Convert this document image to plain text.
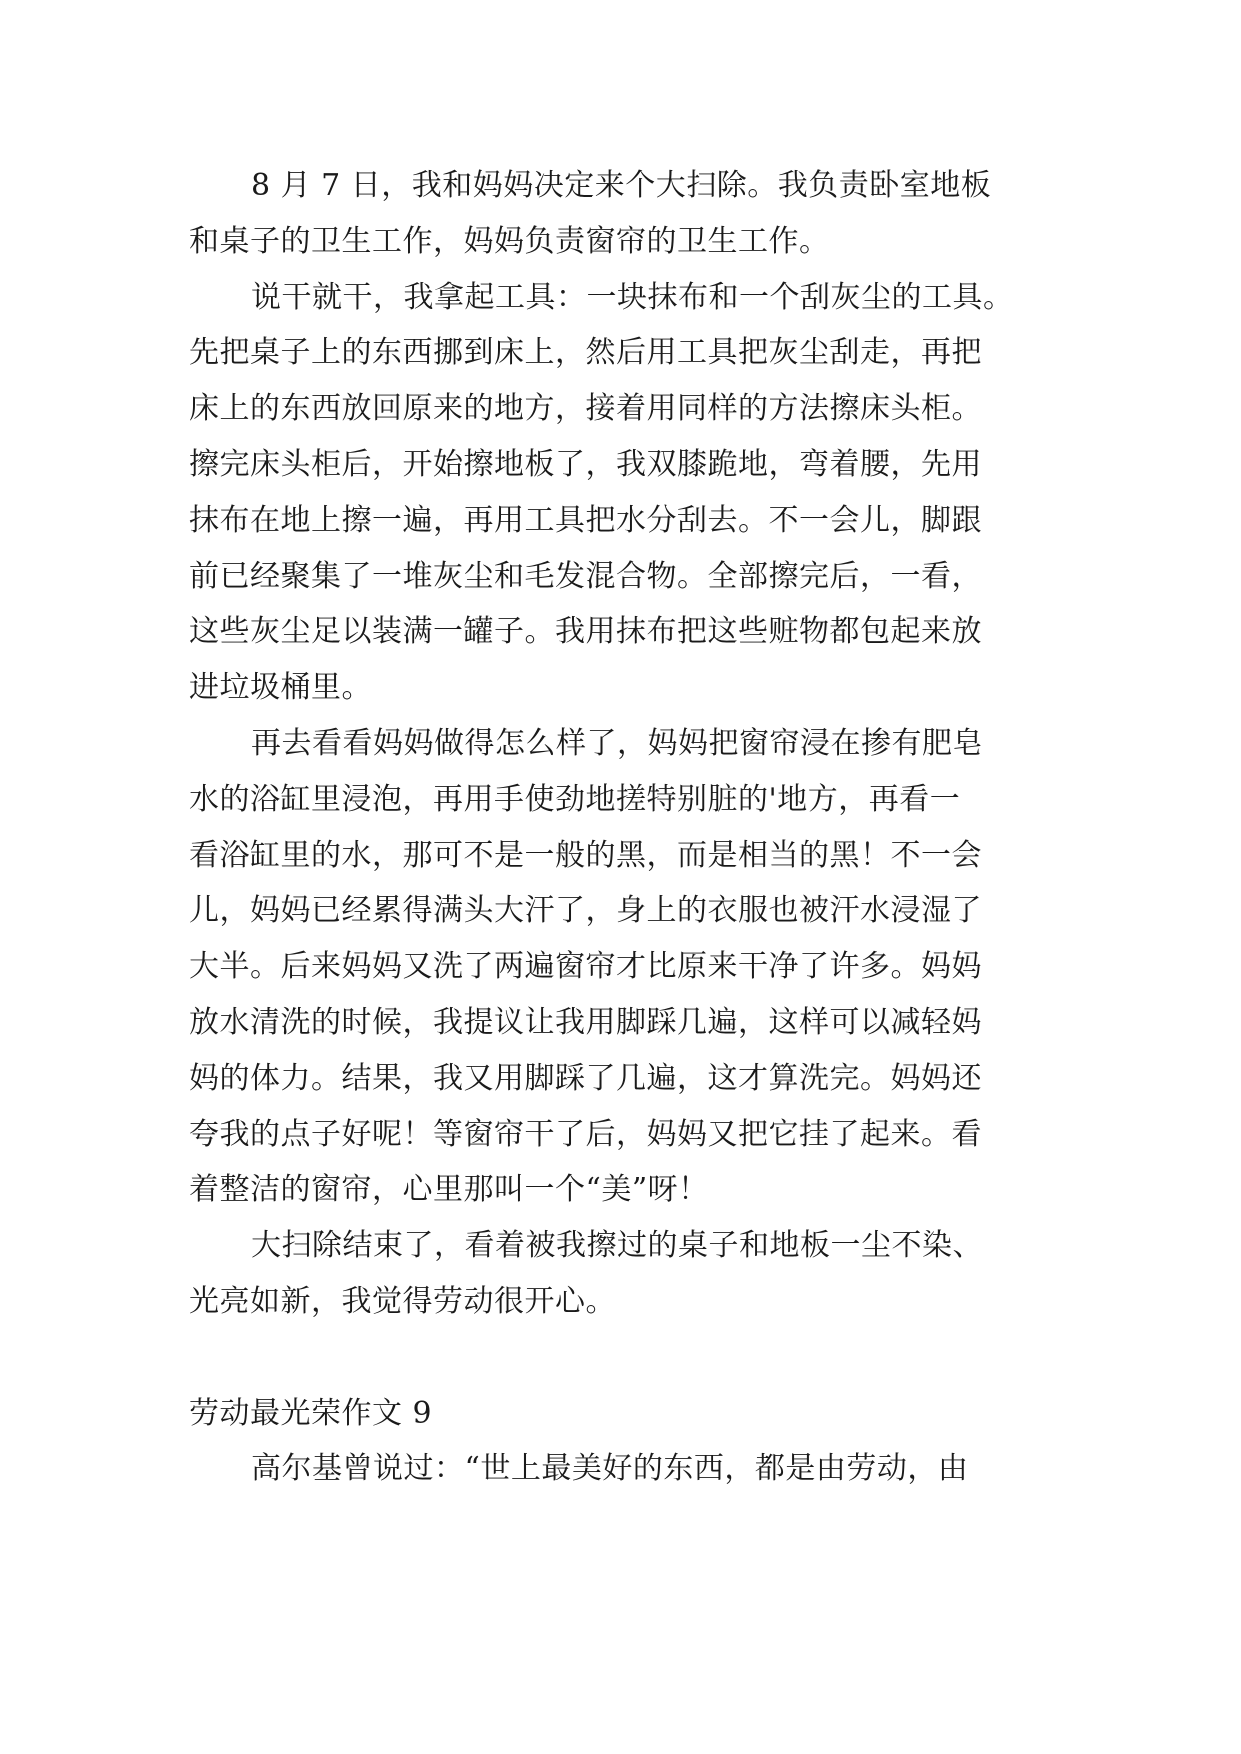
8 月 7 日，我和妈妈决定来个大扫除。我负责卧室地板

和桌子的卫生工作，妈妈负责窗帘的卫生工作。

说干就干，我拿起工具：一块抹布和一个刮灰尘的工具。

先把桌子上的东西挪到床上，然后用工具把灰尘刮走，再把

床上的东西放回原来的地方，接着用同样的方法擦床头柜。

擦完床头柜后，开始擦地板了，我双膝跪地，弯着腰，先用

抹布在地上擦一遍，再用工具把水分刮去。不一会儿，脚跟

前已经聚集了一堆灰尘和毛发混合物。全部擦完后，一看，

这些灰尘足以装满一罐子。我用抹布把这些赃物都包起来放

进垃圾桶里。

再去看看妈妈做得怎么样了，妈妈把窗帘浸在掺有肥皂

水的浴缸里浸泡，再用手使劲地搓特别脏的'地方，再看一

看浴缸里的水，那可不是一般的黑，而是相当的黑！不一会

儿，妈妈已经累得满头大汗了，身上的衣服也被汗水浸湿了

大半。后来妈妈又洗了两遍窗帘才比原来干净了许多。妈妈

放水清洗的时候，我提议让我用脚踩几遍，这样可以减轻妈

妈的体力。结果，我又用脚踩了几遍，这才算洗完。妈妈还

夸我的点子好呢！等窗帘干了后，妈妈又把它挂了起来。看

着整洁的窗帘，心里那叫一个“美”呀！

大扫除结束了，看着被我擦过的桌子和地板一尘不染、

光亮如新，我觉得劳动很开心。

劳动最光荣作文 9

高尔基曾说过：“世上最美好的东西，都是由劳动，由
